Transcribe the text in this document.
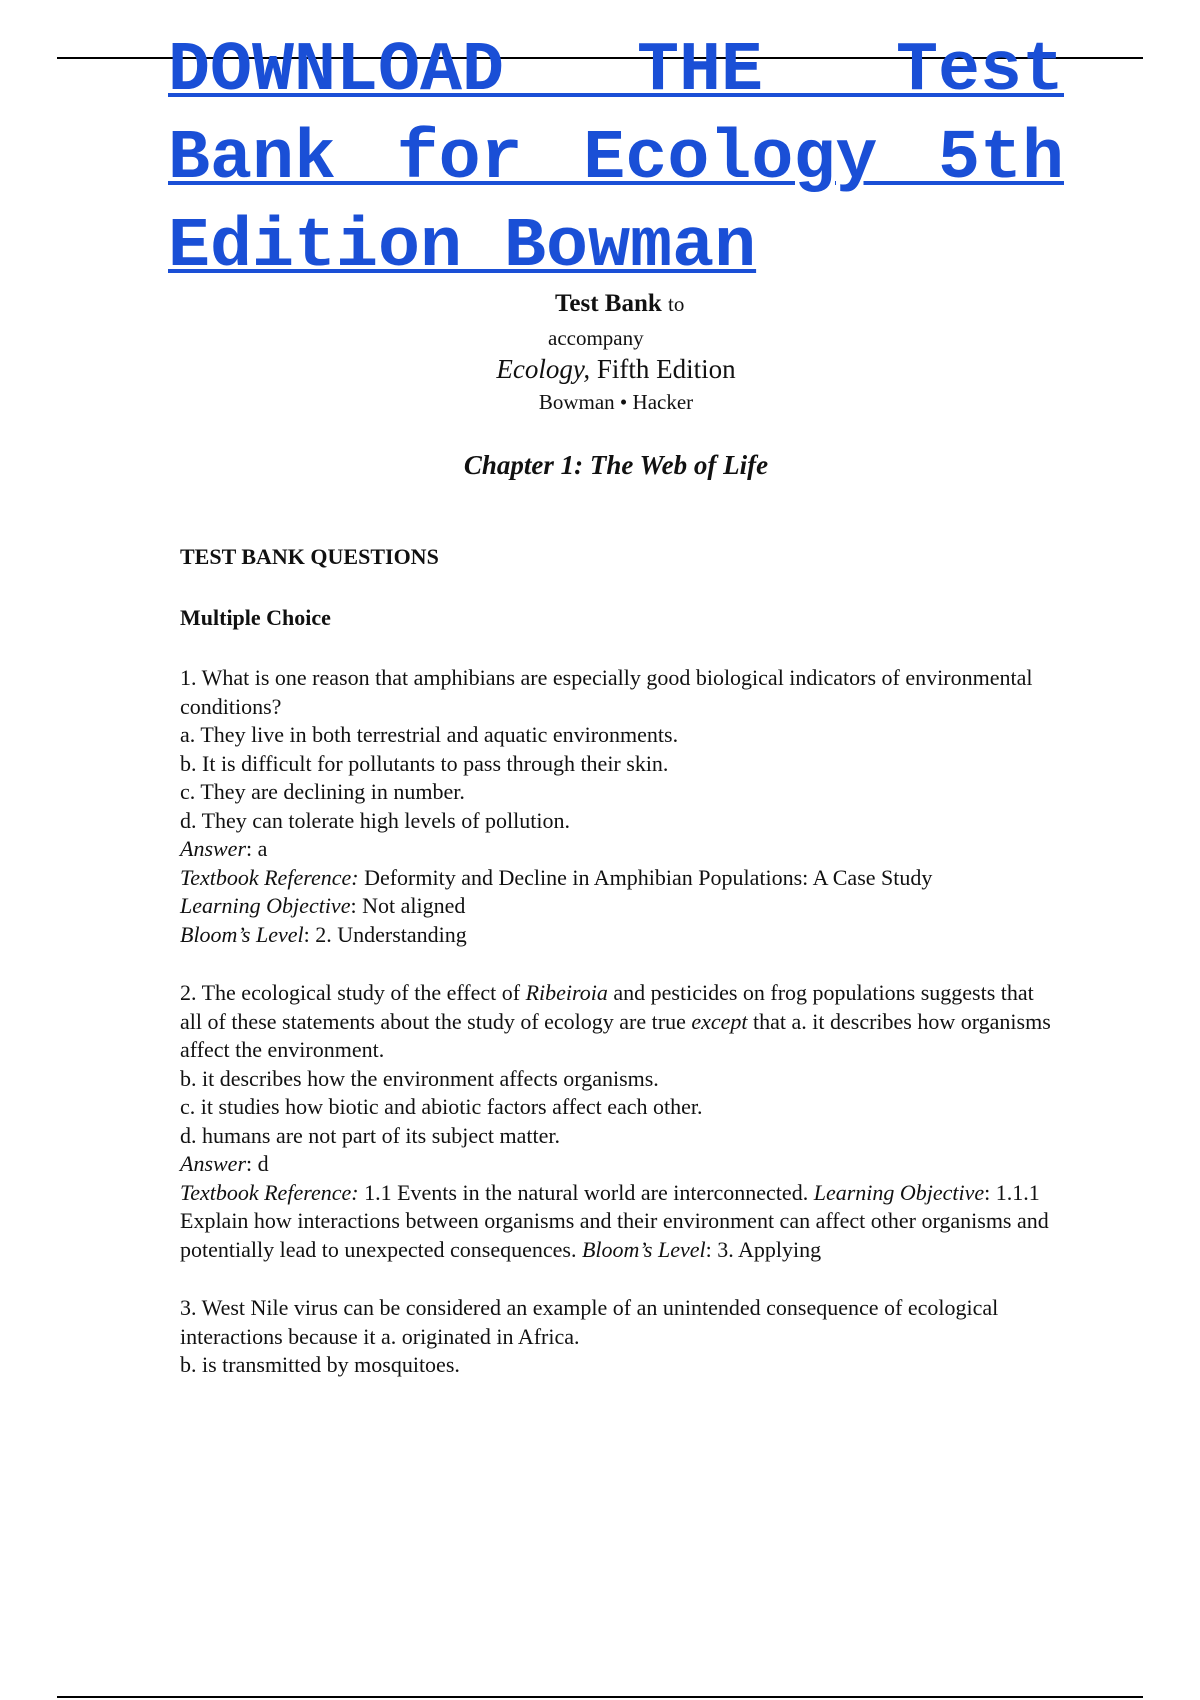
DOWNLOAD THE Test Bank for Ecology 5th Edition Bowman
Test Bank to
accompany
Ecology, Fifth Edition
Bowman • Hacker
Chapter 1: The Web of Life

TEST BANK QUESTIONS

Multiple Choice

1. What is one reason that amphibians are especially good biological indicators of environmental conditions?

a. They live in both terrestrial and aquatic environments.

b. It is difficult for pollutants to pass through their skin.

c. They are declining in number.

d. They can tolerate high levels of pollution.

Answer: a

Textbook Reference: Deformity and Decline in Amphibian Populations: A Case Study

Learning Objective: Not aligned

Bloom’s Level: 2. Understanding

2. The ecological study of the effect of Ribeiroia and pesticides on frog populations suggests that all of these statements about the study of ecology are true except that a. it describes how organisms affect the environment.

b. it describes how the environment affects organisms.

c. it studies how biotic and abiotic factors affect each other.

d. humans are not part of its subject matter.

Answer: d

Textbook Reference: 1.1 Events in the natural world are interconnected. Learning Objective: 1.1.1 Explain how interactions between organisms and their environment can affect other organisms and potentially lead to unexpected consequences. Bloom’s Level: 3. Applying

3. West Nile virus can be considered an example of an unintended consequence of ecological interactions because it a. originated in Africa.

b. is transmitted by mosquitoes.
